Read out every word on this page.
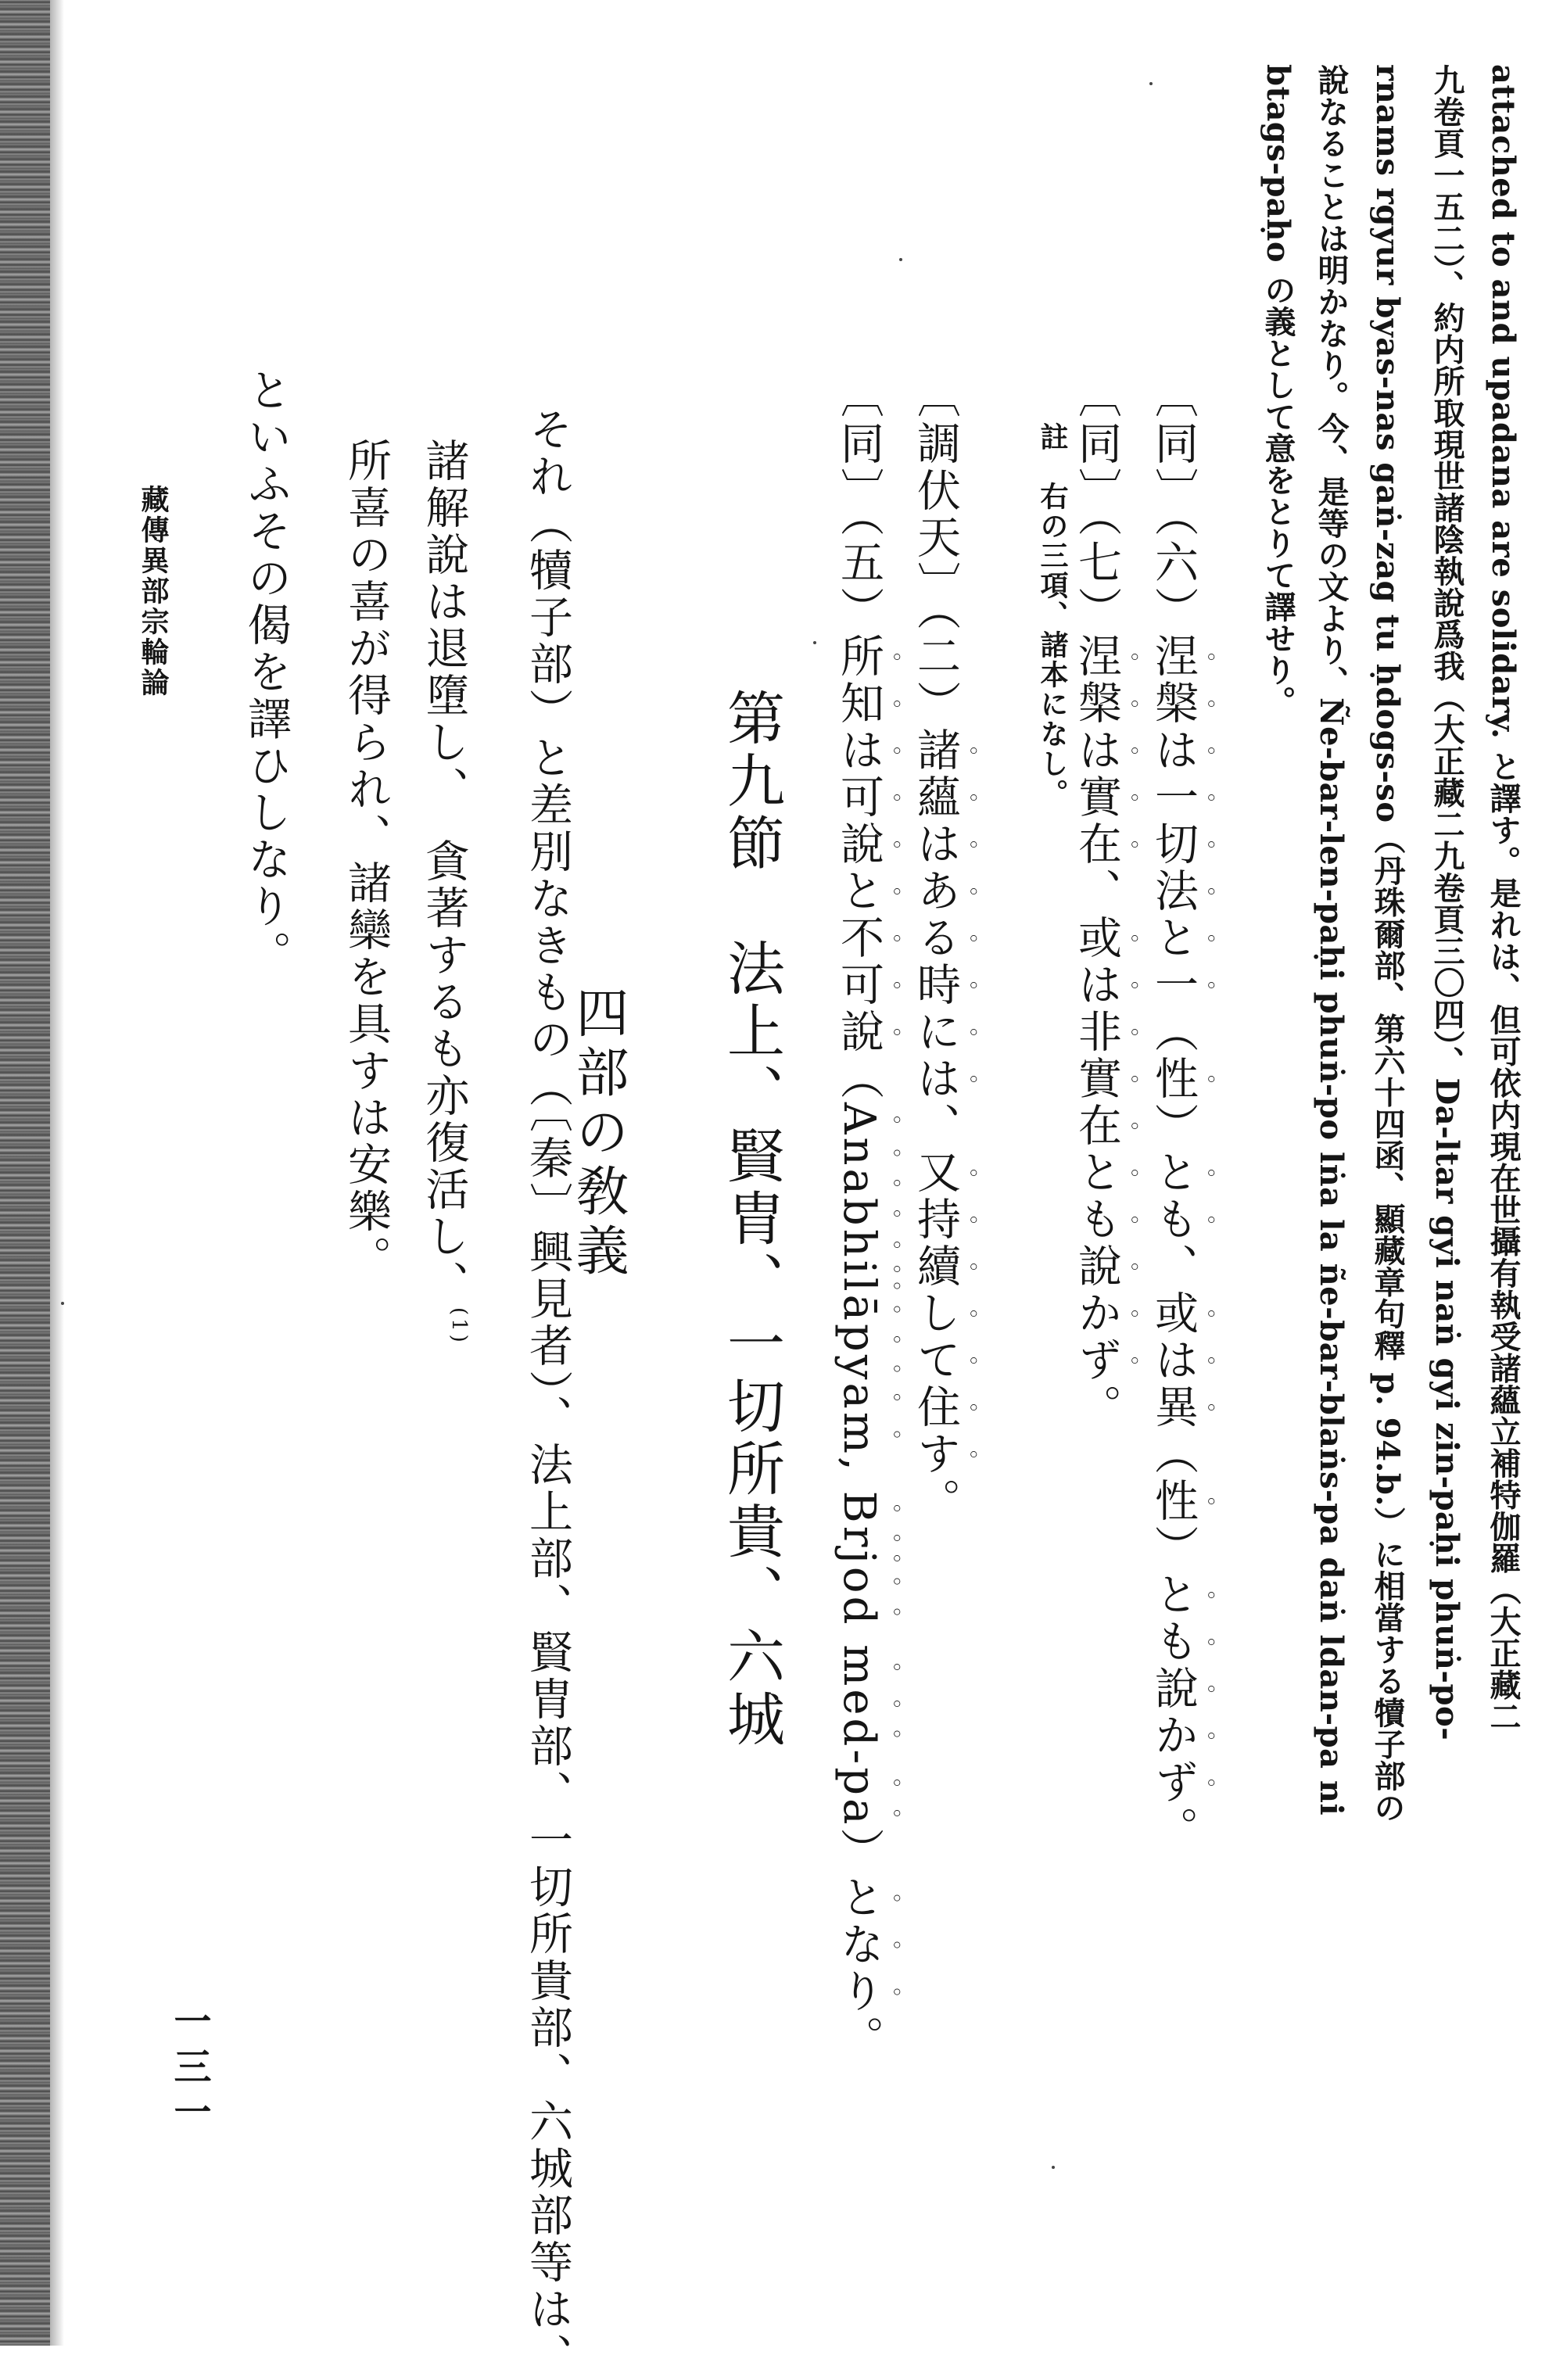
attached to and upadana are solidary. と譯す。是れは、但可依内現在世攝有執受諸蘊立補特伽羅（大正藏二
九卷頁一五二）、約内所取現世諸陰執說爲我（大正藏二九卷頁三〇四）、Da-ltar gyi naṅ gyi zin-paḥi phuṅ-po-
rnams rgyur byas-nas gaṅ-zag tu ḥdogs-so（丹珠爾部、第六十四函、顯藏章句釋 p. 94.b.）に相當する犢子部の
說なることは明かなり。今、是等の文より、Ñe-bar-len-paḥi phuṅ-po lṅa la ñe-bar-blaṅs-pa daṅ ldan-pa ni
btags-paḥo の義として意をとりて譯せり。
〔同〕（六）涅槃は一切法と一（性）とも、或は異（性）とも說かず。
〔同〕（七）涅槃は實在、或は非實在とも說かず。
註　右の三項、諸本になし。
〔調伏天〕（二）諸蘊はある時には、又持續して住す。
〔同〕（五）所知は可說と不可說（Anabhilāpyam, Brjod med-pa）となり。
第九節　法上、賢胄、一切所貴、六城
四部の敎義
それ（犢子部）と差別なきもの（〔秦〕興見者）、法上部、賢胄部、一切所貴部、六城部等は、
諸解說は退墮し、　貪著するも亦復活し、$^{(1)}$
所喜の喜が得られ、諸欒を具すは安樂。
といふその偈を譯ひしなり。
藏傳異部宗輪論
一三一
